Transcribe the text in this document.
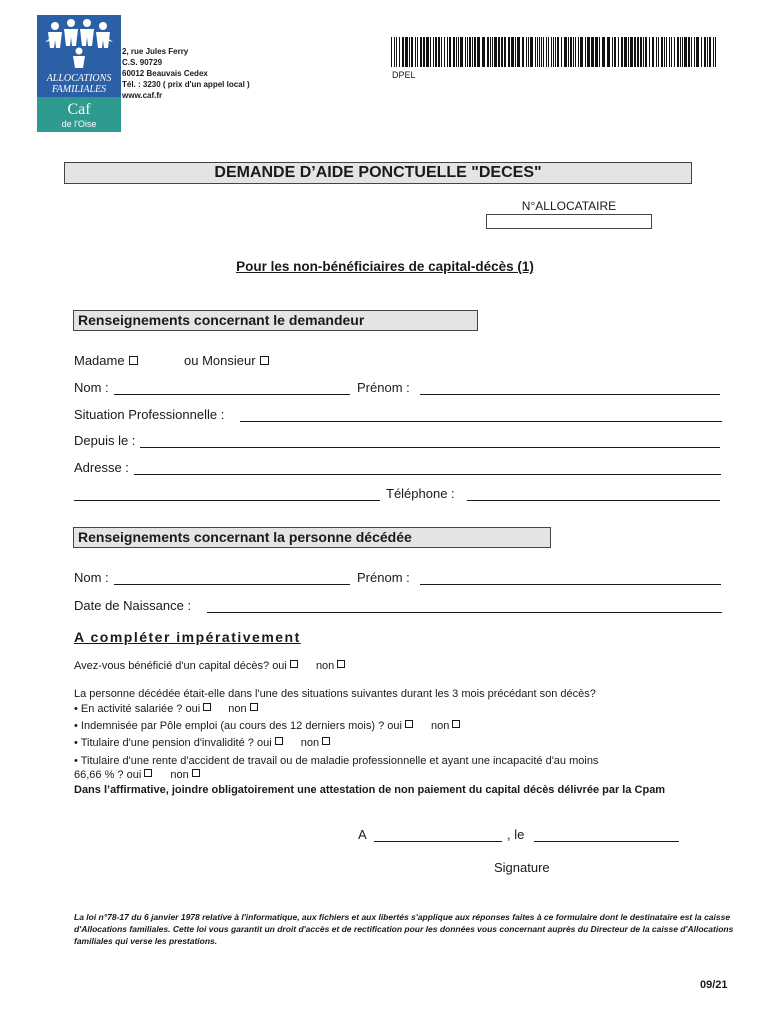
ALLOCATIONS
FAMILIALES
Caf
de l'Oise
2, rue Jules Ferry
C.S. 90729
60012 Beauvais Cedex
Tél. : 3230 ( prix d'un appel local )
www.caf.fr
DPEL
DEMANDE D’AIDE PONCTUELLE "DECES"
N°ALLOCATAIRE
Pour les non-bénéficiaires de capital-décès (1)
Renseignements concernant le demandeur
Madame	ou Monsieur
Nom :	Prénom :
Situation Professionnelle :
Depuis le :
Adresse :
Téléphone :
Renseignements concernant la personne décédée
Nom :	Prénom :
Date de Naissance :
A compléter impérativement
Avez-vous bénéficié d'un capital décès? oui	non
La personne décédée était-elle dans l'une des situations suivantes durant les 3 mois précédant son décès?
• En activité salariée ? oui	non
• Indemnisée par Pôle emploi (au cours des 12 derniers mois) ? oui	non
• Titulaire d'une pension d'invalidité ? oui	non
• Titulaire d'une rente d'accident de travail ou de maladie professionnelle et ayant une incapacité d'au moins
66,66 % ? oui	non
Dans l’affirmative, joindre obligatoirement une attestation de non paiement du capital décès délivrée par la Cpam
A	, le
Signature
La loi n°78-17 du 6 janvier 1978 relative à l'informatique, aux fichiers et aux libertés s'applique aux réponses faites à ce formulaire dont le destinataire est la caisse d'Allocations familiales. Cette loi vous garantit un droit d'accès et de rectification pour les données vous concernant auprès du Directeur de la caisse d'Allocations familiales qui verse les prestations.
09/21
